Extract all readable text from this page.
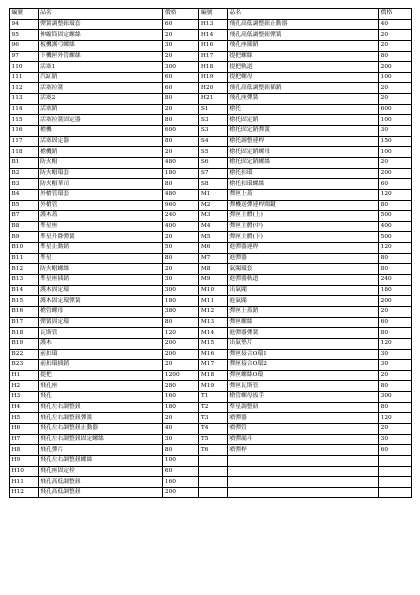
編號	品名	價格	編號	品名	價格
94	彈簧調整鈕環套	60	H13	飛孔高低調整鈕止動器	40
95	伸縮筒固定螺絲	20	H14	飛孔高低調整鈕彈簧	20
96	板機護弓螺絲	30	H16	飛孔座插銷	20
97	下機匣外管螺絲	20	H17	提把螺絲	80
110	活塞1	300	H18	提把軌道	200
111	汽缸銷	60	H19	提把螺母	100
112	活塞拉簧	60	H20	飛孔高低調整鈕插銷	20
113	活塞2	80	H21	飛孔座彈簧	20
114	活塞銷	20	S1	槍托	600
115	活塞拉簧固定器	80	S3	槍托固定銷	100
116	槍機	600	S3	槍托固定銷彈簧	30
117	活塞固定器	80	S4	槍托調整連桿	150
118	槍機銷	20	S5	槍托固定銷螺母	100
B1	防火帽	480	S6	槍托固定銷螺絲	20
B2	防火帽環套	180	S7	槍托扣環	200
B3	防火帽華司	80	S8	槍托扣環螺絲	60
B4	外槍管環套	480	M1	彈匣上蓋	120
B5	外槍管	960	M2	彈機送彈連桿閘鍵	80
B7	護木蓋	240	M3	彈匣主體(上)	500
B8	準星座	400	M4	彈匣主體(中)	400
B9	準星升降彈簧	20	M5	彈匣主體(下)	500
B10	準星止動銷	50	M6	進彈器連桿	120
B11	準星	80	M7	進彈器	80
B12	防火帽螺絲	20	M8	氣閥環套	80
B13	準星座插銷	30	M9	進彈器軌道	240
B14	護木固定環	300	M10	出氣閥	180
B15	護木固定環彈簧	180	M11	進氣閥	200
B16	槍管螺母	380	M12	彈匣上蓋銷	20
B17	彈簧固定環	80	M13	彈匣螺絲	60
B18	瓦斯管	120	M14	進彈器彈簧	80
B19	護木	200	M15	出氣墊片	120
B22	前扣環	200	M16	彈匣接合O環1	30
B23	前扣環插銷	20	M17	彈匣接合O環2	30
H1	提把	1200	M18	彈匣螺絲O環	20
H2	飛孔座	280	M19	彈匣瓦斯管	80
H3	飛孔	160	T1	槍管螺母扳手	300
H4	飛孔左右調整鈕	180	T2	準星調整鈕	80
H5	飛孔左右調整鈕彈簧	20	T3	噴彈器	120
H6	飛孔左右調整鈕止動器	40	T4	噴彈管	20
H7	飛孔左右調整鈕固定螺絲	30	T5	噴彈漏斗	30
H8	飛孔彈片	80	T6	噴彈桿	60
H9	飛孔左右調整鈕螺絲	100			
H10	飛孔座固定栓	60			
H11	飛孔高低調整鈕	160			
H12	飛孔高低調整鈕	200			
